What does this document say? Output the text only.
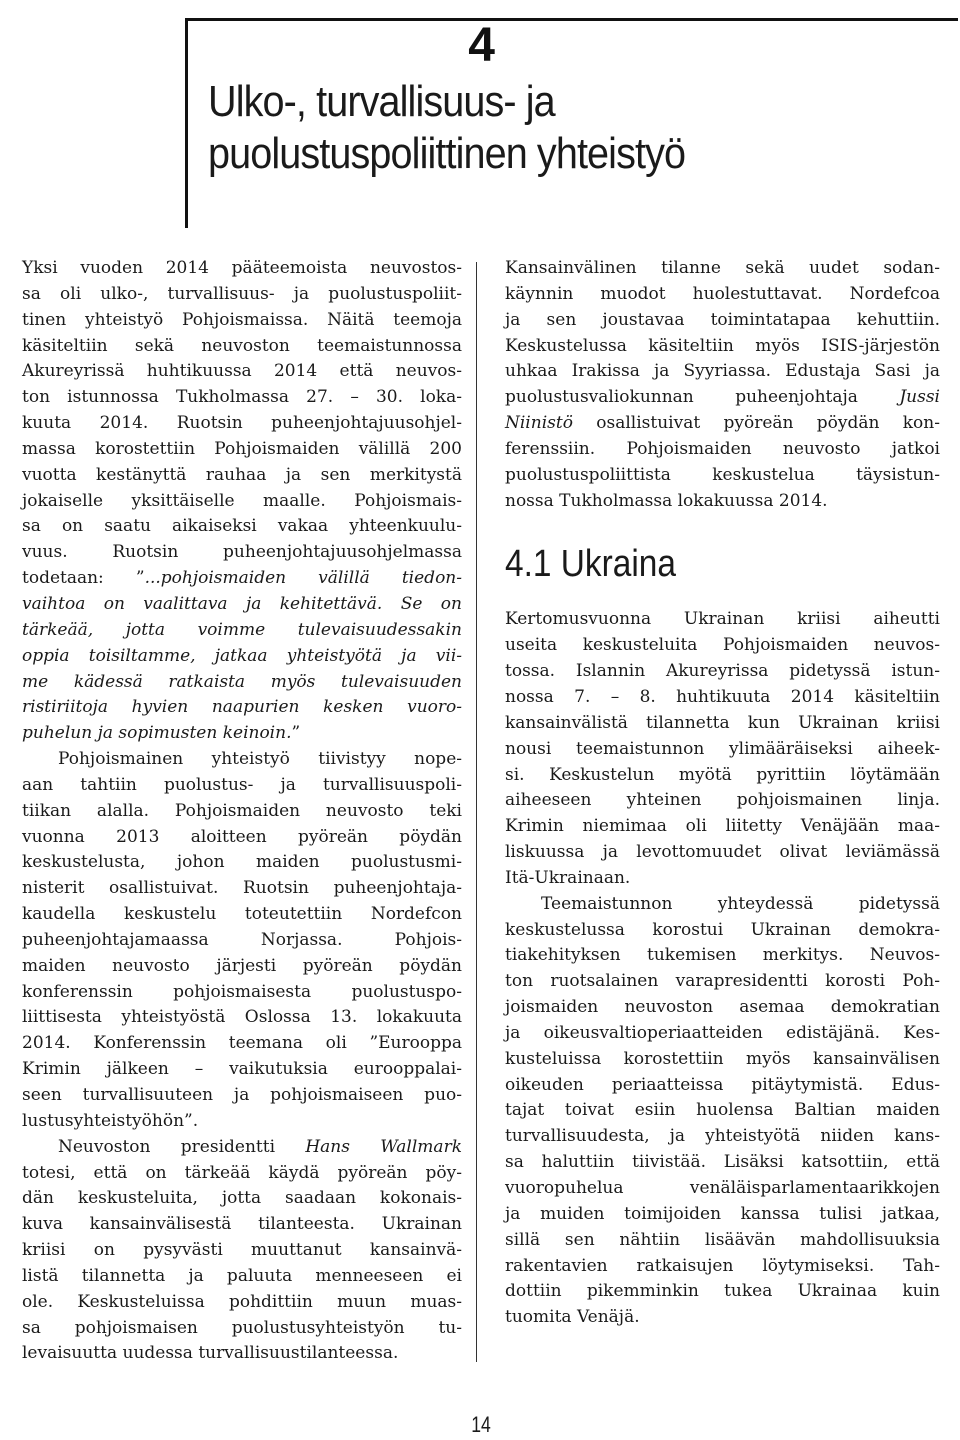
4
Ulko-, turvallisuus- ja
puolustuspoliittinen yhteistyö
Yksi vuoden 2014 pääteemoista neuvostos-
sa oli ulko-, turvallisuus- ja puolustuspoliit-
tinen yhteistyö Pohjoismaissa. Näitä teemoja
käsiteltiin sekä neuvoston teemaistunnossa
Akureyrissä huhtikuussa 2014 että neuvos-
ton istunnossa Tukholmassa 27. – 30. loka-
kuuta 2014. Ruotsin puheenjohtajuusohjel-
massa korostettiin Pohjoismaiden välillä 200
vuotta kestänyttä rauhaa ja sen merkitystä
jokaiselle yksittäiselle maalle. Pohjoismais-
sa on saatu aikaiseksi vakaa yhteenkuulu-
vuus. Ruotsin puheenjohtajuusohjelmassa
todetaan: ”...pohjoismaiden välillä tiedon-
vaihtoa on vaalittava ja kehitettävä. Se on
tärkeää, jotta voimme tulevaisuudessakin
oppia toisiltamme, jatkaa yhteistyötä ja vii-
me kädessä ratkaista myös tulevaisuuden
ristiriitoja hyvien naapurien kesken vuoro-
puhelun ja sopimusten keinoin.”
Pohjoismainen yhteistyö tiivistyy nope-
aan tahtiin puolustus- ja turvallisuuspoli-
tiikan alalla. Pohjoismaiden neuvosto teki
vuonna 2013 aloitteen pyöreän pöydän
keskustelusta, johon maiden puolustusmi-
nisterit osallistuivat. Ruotsin puheenjohtaja-
kaudella keskustelu toteutettiin Nordefcon
puheenjohtajamaassa Norjassa. Pohjois-
maiden neuvosto järjesti pyöreän pöydän
konferenssin pohjoismaisesta puolustuspo-
liittisesta yhteistyöstä Oslossa 13. lokakuuta
2014. Konferenssin teemana oli ”Eurooppa
Krimin jälkeen – vaikutuksia eurooppalai-
seen turvallisuuteen ja pohjoismaiseen puo-
lustusyhteistyöhön”.
Neuvoston presidentti Hans Wallmark
totesi, että on tärkeää käydä pyöreän pöy-
dän keskusteluita, jotta saadaan kokonais-
kuva kansainvälisestä tilanteesta. Ukrainan
kriisi on pysyvästi muuttanut kansainvä-
listä tilannetta ja paluuta menneeseen ei
ole. Keskusteluissa pohdittiin muun muas-
sa pohjoismaisen puolustusyhteistyön tu-
levaisuutta uudessa turvallisuustilanteessa.
Kansainvälinen tilanne sekä uudet sodan-
käynnin muodot huolestuttavat. Nordefcoa
ja sen joustavaa toimintatapaa kehuttiin.
Keskustelussa käsiteltiin myös ISIS-järjestön
uhkaa Irakissa ja Syyriassa. Edustaja Sasi ja
puolustusvaliokunnan puheenjohtaja Jussi
Niinistö osallistuivat pyöreän pöydän kon-
ferenssiin. Pohjoismaiden neuvosto jatkoi
puolustuspoliittista keskustelua täysistun-
nossa Tukholmassa lokakuussa 2014.
4.1 Ukraina
Kertomusvuonna Ukrainan kriisi aiheutti
useita keskusteluita Pohjoismaiden neuvos-
tossa. Islannin Akureyrissa pidetyssä istun-
nossa 7. – 8. huhtikuuta 2014 käsiteltiin
kansainvälistä tilannetta kun Ukrainan kriisi
nousi teemaistunnon ylimääräiseksi aiheek-
si. Keskustelun myötä pyrittiin löytämään
aiheeseen yhteinen pohjoismainen linja.
Krimin niemimaa oli liitetty Venäjään maa-
liskuussa ja levottomuudet olivat leviämässä
Itä-Ukrainaan.
Teemaistunnon yhteydessä pidetyssä
keskustelussa korostui Ukrainan demokra-
tiakehityksen tukemisen merkitys. Neuvos-
ton ruotsalainen varapresidentti korosti Poh-
joismaiden neuvoston asemaa demokratian
ja oikeusvaltioperiaatteiden edistäjänä. Kes-
kusteluissa korostettiin myös kansainvälisen
oikeuden periaatteissa pitäytymistä. Edus-
tajat toivat esiin huolensa Baltian maiden
turvallisuudesta, ja yhteistyötä niiden kans-
sa haluttiin tiivistää. Lisäksi katsottiin, että
vuoropuhelua venäläisparlamentaarikkojen
ja muiden toimijoiden kanssa tulisi jatkaa,
sillä sen nähtiin lisäävän mahdollisuuksia
rakentavien ratkaisujen löytymiseksi. Tah-
dottiin pikemminkin tukea Ukrainaa kuin
tuomita Venäjä.
14
